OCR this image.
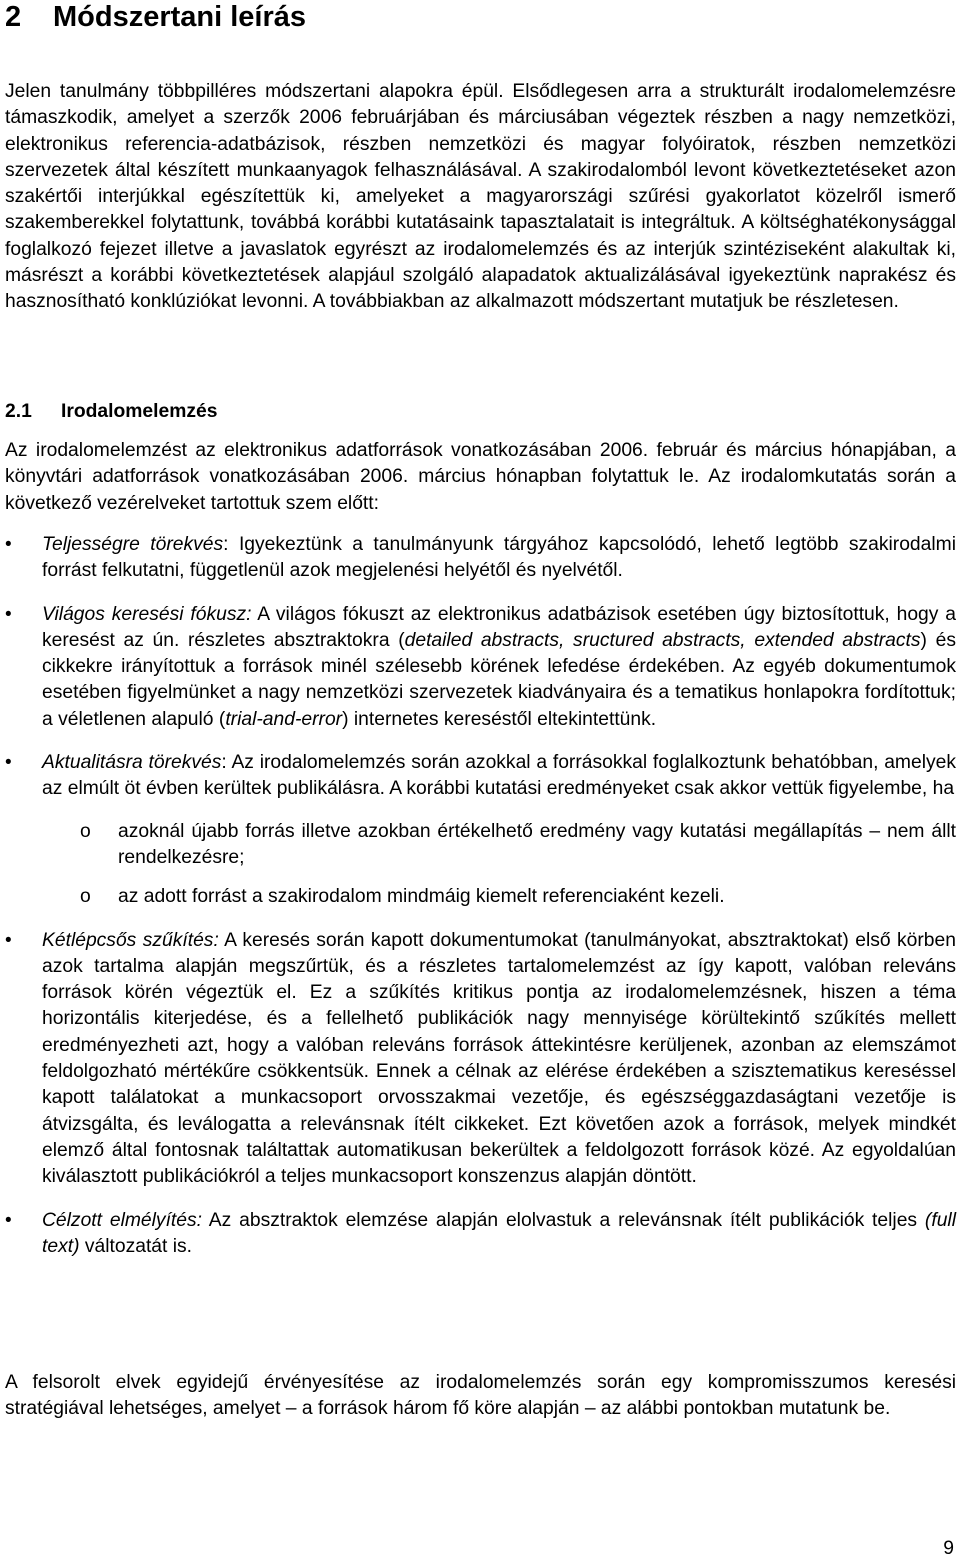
2 Módszertani leírás

Jelen tanulmány többpilléres módszertani alapokra épül. Elsődlegesen arra a strukturált irodalomelemzésre támaszkodik, amelyet a szerzők 2006 februárjában és márciusában végeztek részben a nagy nemzetközi, elektronikus referencia-adatbázisok, részben nemzetközi és magyar folyóiratok, részben nemzetközi szervezetek által készített munkaanyagok felhasználásával. A szakirodalomból levont következtetéseket azon szakértői interjúkkal egészítettük ki, amelyeket a magyarországi szűrési gyakorlatot közelről ismerő szakemberekkel folytattunk, továbbá korábbi kutatásaink tapasztalatait is integráltuk. A költséghatékonysággal foglalkozó fejezet illetve a javaslatok egyrészt az irodalomelemzés és az interjúk szintéziseként alakultak ki, másrészt a korábbi következtetések alapjául szolgáló alapadatok aktualizálásával igyekeztünk naprakész és hasznosítható konklúziókat levonni. A továbbiakban az alkalmazott módszertant mutatjuk be részletesen.

2.1 Irodalomelemzés

Az irodalomelemzést az elektronikus adatforrások vonatkozásában 2006. február és március hónapjában, a könyvtári adatforrások vonatkozásában 2006. március hónapban folytattuk le. Az irodalomkutatás során a következő vezérelveket tartottuk szem előtt:

•	Teljességre törekvés: Igyekeztünk a tanulmányunk tárgyához kapcsolódó, lehető legtöbb szakirodalmi forrást felkutatni, függetlenül azok megjelenési helyétől és nyelvétől.
•	Világos keresési fókusz: A világos fókuszt az elektronikus adatbázisok esetében úgy biztosítottuk, hogy a keresést az ún. részletes absztraktokra (detailed abstracts, sructured abstracts, extended abstracts) és cikkekre irányítottuk a források minél szélesebb körének lefedése érdekében. Az egyéb dokumentumok esetében figyelmünket a nagy nemzetközi szervezetek kiadványaira és a tematikus honlapokra fordítottuk; a véletlenen alapuló (trial-and-error) internetes kereséstől eltekintettünk.
•	Aktualitásra törekvés: Az irodalomelemzés során azokkal a forrásokkal foglalkoztunk behatóbban, amelyek az elmúlt öt évben kerültek publikálásra. A korábbi kutatási eredményeket csak akkor vettük figyelembe, ha
o azoknál újabb forrás illetve azokban értékelhető eredmény vagy kutatási megállapítás – nem állt rendelkezésre;
o az adott forrást a szakirodalom mindmáig kiemelt referenciaként kezeli.
•	Kétlépcsős szűkítés: A keresés során kapott dokumentumokat (tanulmányokat, absztraktokat) első körben azok tartalma alapján megszűrtük, és a részletes tartalomelemzést az így kapott, valóban releváns források körén végeztük el. Ez a szűkítés kritikus pontja az irodalomelemzésnek, hiszen a téma horizontális kiterjedése, és a fellelhető publikációk nagy mennyisége körültekintő szűkítés mellett eredményezheti azt, hogy a valóban releváns források áttekintésre kerüljenek, azonban az elemszámot feldolgozható mértékűre csökkentsük. Ennek a célnak az elérése érdekében a szisztematikus kereséssel kapott találatokat a munkacsoport orvosszakmai vezetője, és egészséggazdaságtani vezetője is átvizsgálta, és leválogatta a relevánsnak ítélt cikkeket. Ezt követően azok a források, melyek mindkét elemző által fontosnak találtattak automatikusan bekerültek a feldolgozott források közé. Az egyoldalúan kiválasztott publikációkról a teljes munkacsoport konszenzus alapján döntött.
•	Célzott elmélyítés: Az absztraktok elemzése alapján elolvastuk a relevánsnak ítélt publikációk teljes (full text) változatát is.

A felsorolt elvek egyidejű érvényesítése az irodalomelemzés során egy kompromisszumos keresési stratégiával lehetséges, amelyet – a források három fő köre alapján – az alábbi pontokban mutatunk be.

9
